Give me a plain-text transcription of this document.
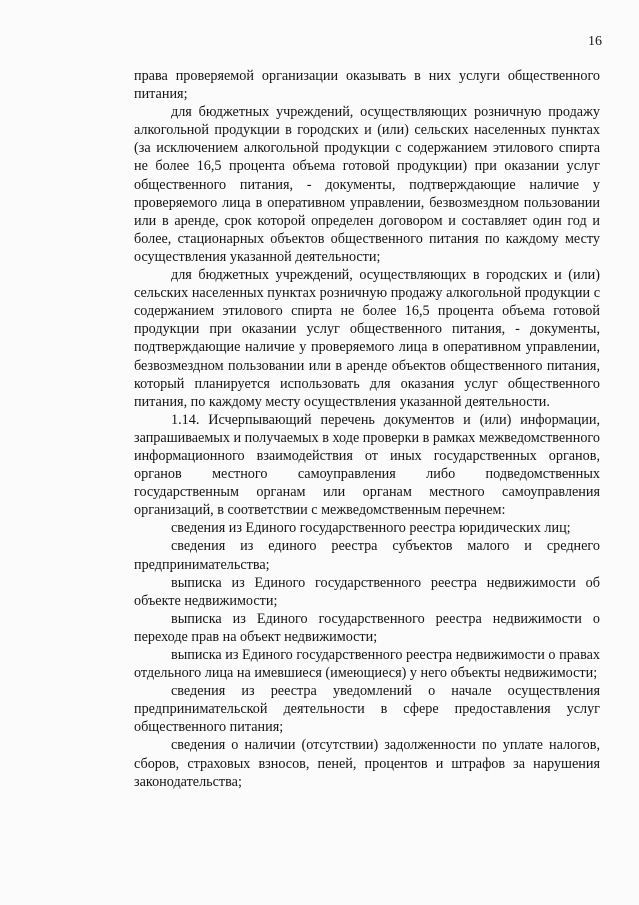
16

права проверяемой организации оказывать в них услуги общественного питания;

для бюджетных учреждений, осуществляющих розничную продажу алкогольной продукции в городских и (или) сельских населенных пунктах (за исключением алкогольной продукции с содержанием этилового спирта не более 16,5 процента объема готовой продукции) при оказании услуг общественного питания, - документы, подтверждающие наличие у проверяемого лица в оперативном управлении, безвозмездном пользовании или в аренде, срок которой определен договором и составляет один год и более, стационарных объектов общественного питания по каждому месту осуществления указанной деятельности;

для бюджетных учреждений, осуществляющих в городских и (или) сельских населенных пунктах розничную продажу алкогольной продукции с содержанием этилового спирта не более 16,5 процента объема готовой продукции при оказании услуг общественного питания, - документы, подтверждающие наличие у проверяемого лица в оперативном управлении, безвозмездном пользовании или в аренде объектов общественного питания, который планируется использовать для оказания услуг общественного питания, по каждому месту осуществления указанной деятельности.

1.14. Исчерпывающий перечень документов и (или) информации, запрашиваемых и получаемых в ходе проверки в рамках межведомственного информационного взаимодействия от иных государственных органов, органов местного самоуправления либо подведомственных государственным органам или органам местного самоуправления организаций, в соответствии с межведомственным перечнем:

сведения из Единого государственного реестра юридических лиц;

сведения из единого реестра субъектов малого и среднего предпринимательства;

выписка из Единого государственного реестра недвижимости об объекте недвижимости;

выписка из Единого государственного реестра недвижимости о переходе прав на объект недвижимости;

выписка из Единого государственного реестра недвижимости о правах отдельного лица на имевшиеся (имеющиеся) у него объекты недвижимости;

сведения из реестра уведомлений о начале осуществления предпринимательской деятельности в сфере предоставления услуг общественного питания;

сведения о наличии (отсутствии) задолженности по уплате налогов, сборов, страховых взносов, пеней, процентов и штрафов за нарушения законодательства;
